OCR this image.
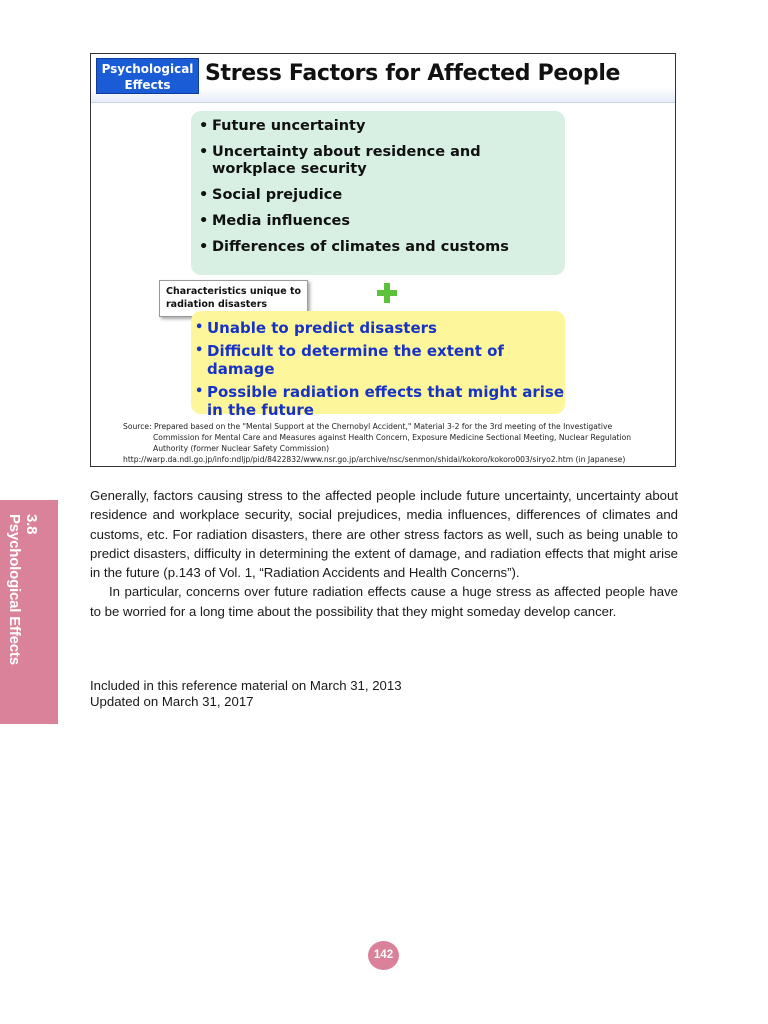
3.8
Psychological Effects
Psychological
Effects	Stress Factors for Affected People
• Future uncertainty
• Uncertainty about residence and workplace security
• Social prejudice
• Media influences
• Differences of climates and customs
Characteristics unique to radiation disasters
• Unable to predict disasters
• Difficult to determine the extent of damage
• Possible radiation effects that might arise in the future
Source: Prepared based on the "Mental Support at the Chernobyl Accident," Material 3-2 for the 3rd meeting of the Investigative
Commission for Mental Care and Measures against Health Concern, Exposure Medicine Sectional Meeting, Nuclear Regulation
Authority (former Nuclear Safety Commission)
http://warp.da.ndl.go.jp/info:ndljp/pid/8422832/www.nsr.go.jp/archive/nsc/senmon/shidai/kokoro/kokoro003/siryo2.htm (in Japanese)

Generally, factors causing stress to the affected people include future uncertainty, uncertainty about residence and workplace security, social prejudices, media influences, differences of climates and customs, etc. For radiation disasters, there are other stress factors as well, such as being unable to predict disasters, difficulty in determining the extent of damage, and radiation effects that might arise in the future (p.143 of Vol. 1, “Radiation Accidents and Health Concerns”).

In particular, concerns over future radiation effects cause a huge stress as affected people have to be worried for a long time about the possibility that they might someday develop cancer.

Included in this reference material on March 31, 2013
Updated on March 31, 2017
142
